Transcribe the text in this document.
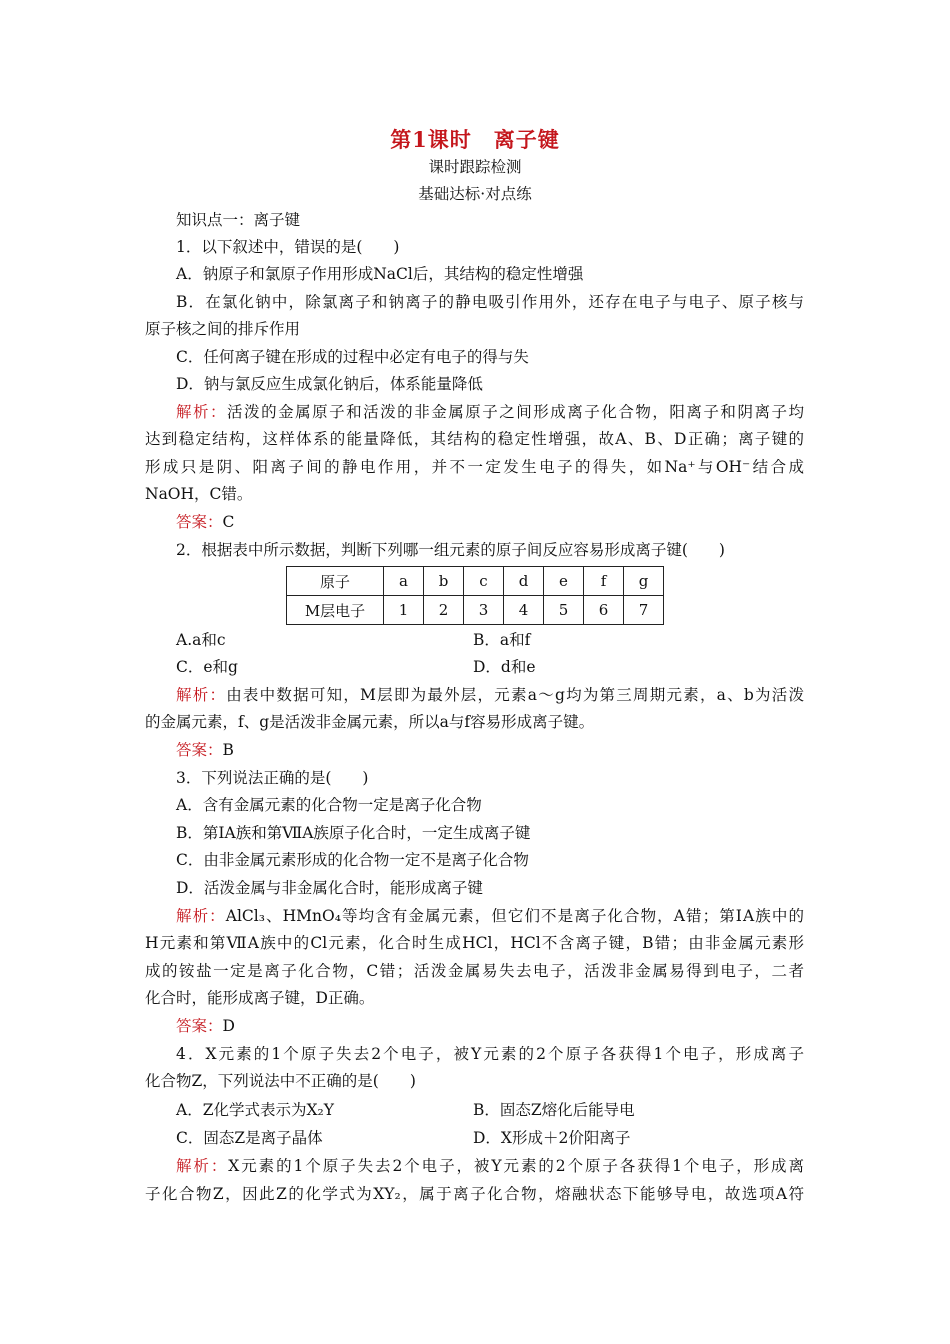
第1课时　离子键
课时跟踪检测
基础达标·对点练
知识点一：离子键
1．以下叙述中，错误的是(　　)
A．钠原子和氯原子作用形成NaCl后，其结构的稳定性增强
B．在氯化钠中，除氯离子和钠离子的静电吸引作用外，还存在电子与电子、原子核与
原子核之间的排斥作用
C．任何离子键在形成的过程中必定有电子的得与失
D．钠与氯反应生成氯化钠后，体系能量降低
解析：活泼的金属原子和活泼的非金属原子之间形成离子化合物，阳离子和阴离子均
达到稳定结构，这样体系的能量降低，其结构的稳定性增强，故A、B、D正确；离子键的
形成只是阴、阳离子间的静电作用，并不一定发生电子的得失，如Na⁺与OH⁻结合成
NaOH，C错。
答案：C
2．根据表中所示数据，判断下列哪一组元素的原子间反应容易形成离子键(　　)
原子	a	b	c	d	e	f	g
M层电子	1	2	3	4	5	6	7
A.a和c	B．a和f
C．e和g	D．d和e
解析：由表中数据可知，M层即为最外层，元素a～g均为第三周期元素，a、b为活泼
的金属元素，f、g是活泼非金属元素，所以a与f容易形成离子键。
答案：B
3．下列说法正确的是(　　)
A．含有金属元素的化合物一定是离子化合物
B．第ⅠA族和第ⅦA族原子化合时，一定生成离子键
C．由非金属元素形成的化合物一定不是离子化合物
D．活泼金属与非金属化合时，能形成离子键
解析：AlCl₃、HMnO₄等均含有金属元素，但它们不是离子化合物，A错；第ⅠA族中的
H元素和第ⅦA族中的Cl元素，化合时生成HCl，HCl不含离子键，B错；由非金属元素形
成的铵盐一定是离子化合物，C错；活泼金属易失去电子，活泼非金属易得到电子，二者
化合时，能形成离子键，D正确。
答案：D
4．X元素的1个原子失去2个电子，被Y元素的2个原子各获得1个电子，形成离子
化合物Z，下列说法中不正确的是(　　)
A．Z化学式表示为X₂Y	B．固态Z熔化后能导电
C．固态Z是离子晶体	D．X形成＋2价阳离子
解析：X元素的1个原子失去2个电子，被Y元素的2个原子各获得1个电子，形成离
子化合物Z，因此Z的化学式为XY₂，属于离子化合物，熔融状态下能够导电，故选项A符
